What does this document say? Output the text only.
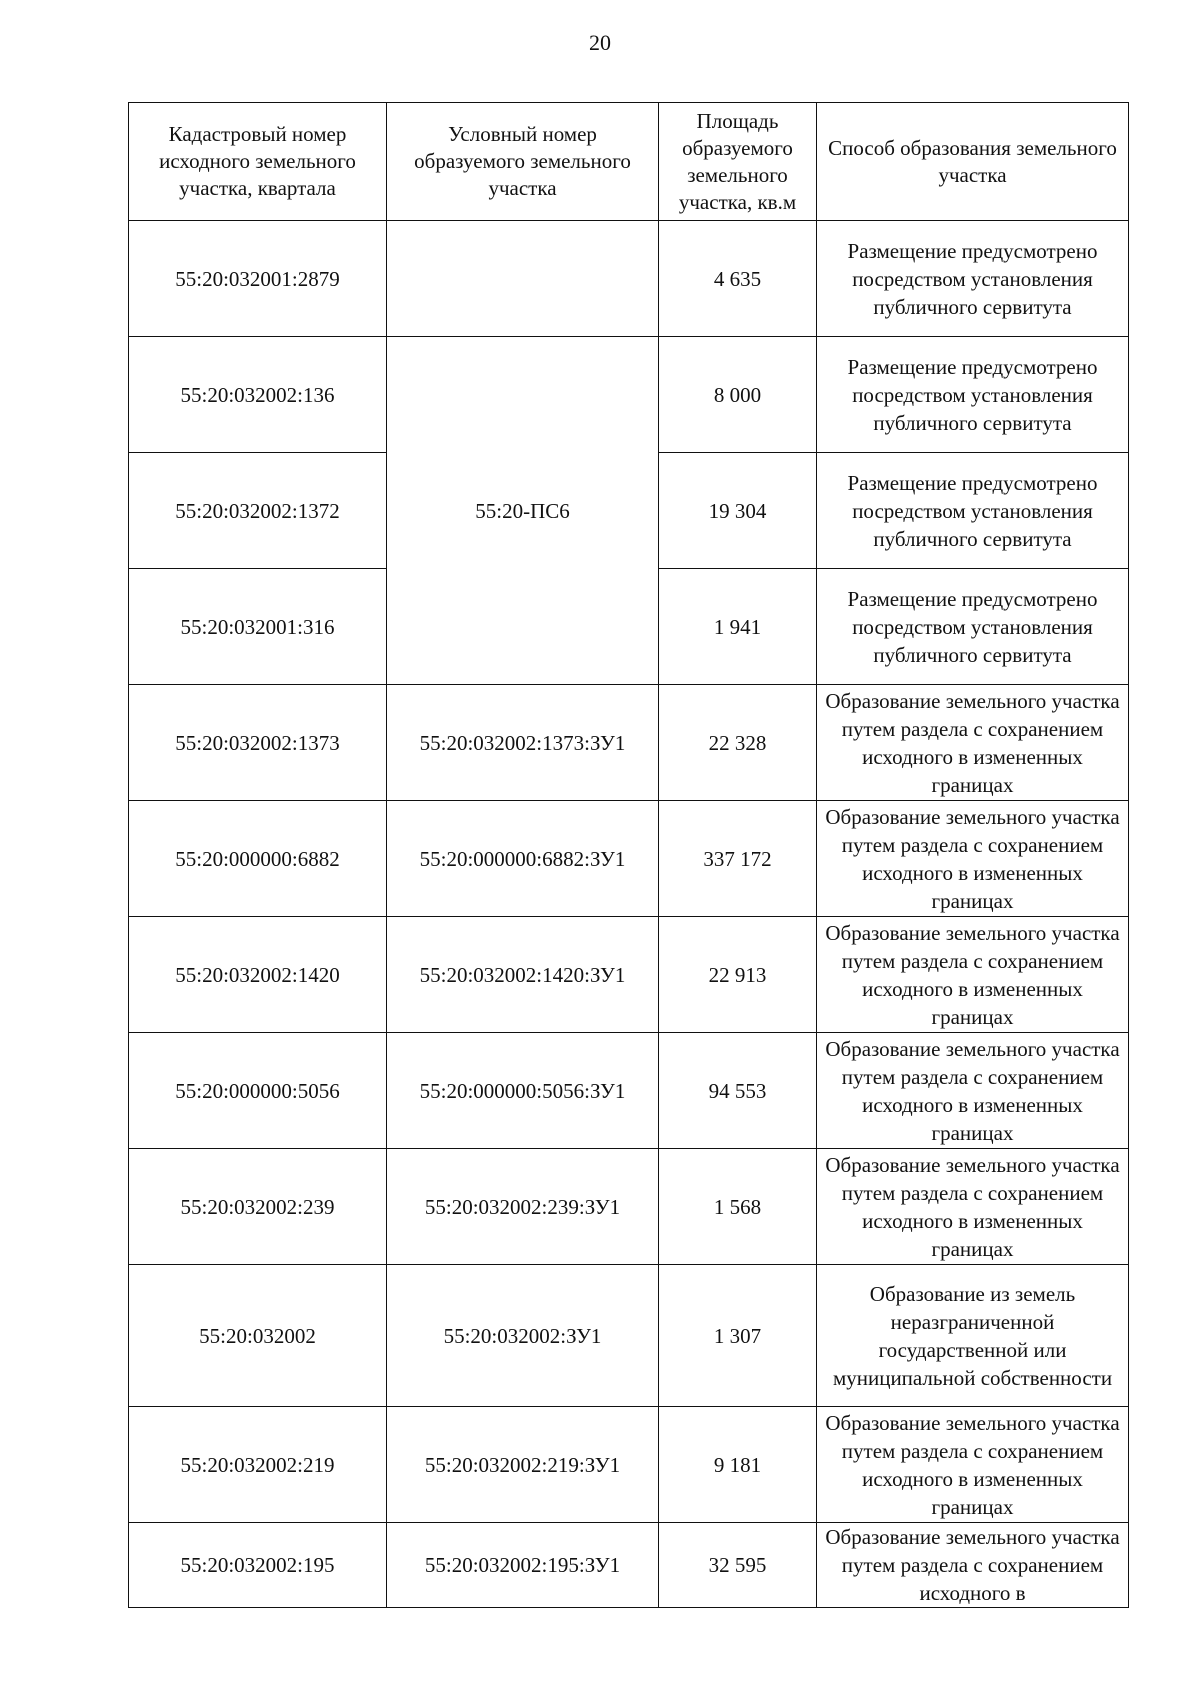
20
Кадастровый номер исходного земельного участка, квартала	Условный номер образуемого земельного участка	Площадь образуемого земельного участка, кв.м	Способ образования земельного участка
55:20:032001:2879		4 635	Размещение предусмотрено посредством установления публичного сервитута
55:20:032002:136	55:20-ПС6	8 000	Размещение предусмотрено посредством установления публичного сервитута
55:20:032002:1372		19 304	Размещение предусмотрено посредством установления публичного сервитута
55:20:032001:316		1 941	Размещение предусмотрено посредством установления публичного сервитута
55:20:032002:1373	55:20:032002:1373:ЗУ1	22 328	Образование земельного участка путем раздела с сохранением исходного в измененных границах
55:20:000000:6882	55:20:000000:6882:ЗУ1	337 172	Образование земельного участка путем раздела с сохранением исходного в измененных границах
55:20:032002:1420	55:20:032002:1420:ЗУ1	22 913	Образование земельного участка путем раздела с сохранением исходного в измененных границах
55:20:000000:5056	55:20:000000:5056:ЗУ1	94 553	Образование земельного участка путем раздела с сохранением исходного в измененных границах
55:20:032002:239	55:20:032002:239:ЗУ1	1 568	Образование земельного участка путем раздела с сохранением исходного в измененных границах
55:20:032002	55:20:032002:ЗУ1	1 307	Образование из земель неразграниченной государственной или муниципальной собственности
55:20:032002:219	55:20:032002:219:ЗУ1	9 181	Образование земельного участка путем раздела с сохранением исходного в измененных границах
55:20:032002:195	55:20:032002:195:ЗУ1	32 595	Образование земельного участка путем раздела с сохранением исходного в
